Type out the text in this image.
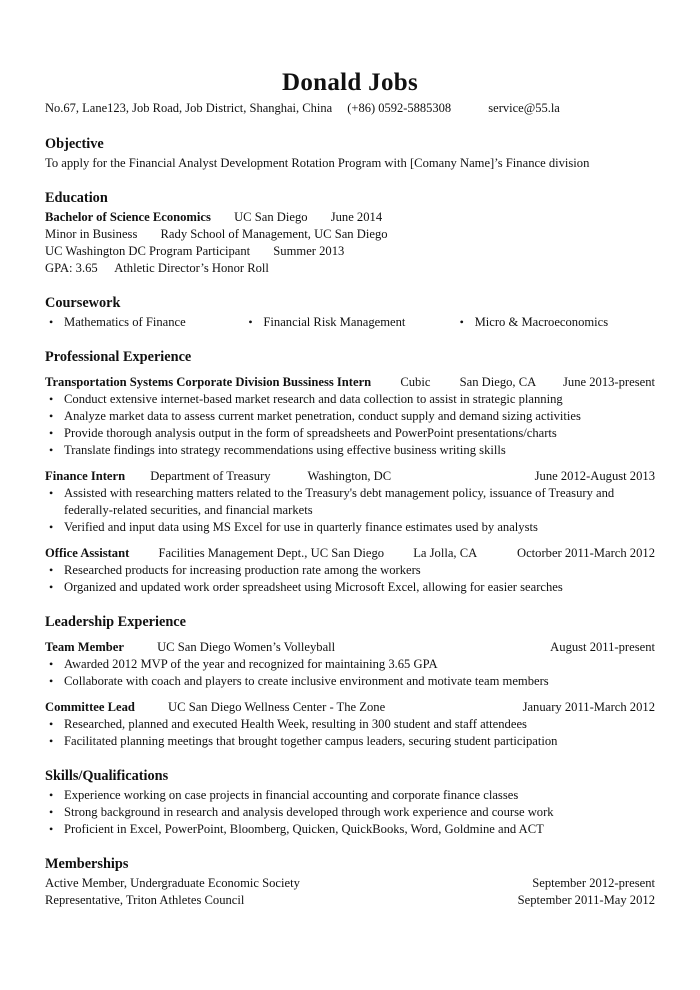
Donald Jobs
No.67, Lane123, Job Road, Job District, Shanghai, China (+86) 0592-5885308	service@55.la
Objective
To apply for the Financial Analyst Development Rotation Program with [Comany Name]’s Finance division
Education
Bachelor of Science Economics UC San Diego June 2014
Minor in Business Rady School of Management, UC San Diego
UC Washington DC Program Participant Summer 2013
GPA: 3.65 Athletic Director’s Honor Roll
Coursework
• Mathematics of Finance	• Financial Risk Management	• Micro & Macroeconomics
Professional Experience
Transportation Systems Corporate Division Bussiness Intern Cubic San Diego, CA	June 2013-present
• Conduct extensive internet-based market research and data collection to assist in strategic planning
• Analyze market data to assess current market penetration, conduct supply and demand sizing activities
• Provide thorough analysis output in the form of spreadsheets and PowerPoint presentations/charts
• Translate findings into strategy recommendations using effective business writing skills
Finance Intern Department of Treasury	Washington, DC	June 2012-August 2013
• Assisted with researching matters related to the Treasury's debt management policy, issuance of Treasury and federally-related securities, and financial markets
• Verified and input data using MS Excel for use in quarterly finance estimates used by analysts
Office Assistant Facilities Management Dept., UC San Diego La Jolla, CA	Octorber 2011-March 2012
• Researched products for increasing production rate among the workers
• Organized and updated work order spreadsheet using Microsoft Excel, allowing for easier searches
Leadership Experience
Team Member	UC San Diego Women’s Volleyball	August 2011-present
• Awarded 2012 MVP of the year and recognized for maintaining 3.65 GPA
• Collaborate with coach and players to create inclusive environment and motivate team members
Committee Lead	UC San Diego Wellness Center - The Zone	January 2011-March 2012
• Researched, planned and executed Health Week, resulting in 300 student and staff attendees
• Facilitated planning meetings that brought together campus leaders, securing student participation
Skills/Qualifications
• Experience working on case projects in financial accounting and corporate finance classes
• Strong background in research and analysis developed through work experience and course work
• Proficient in Excel, PowerPoint, Bloomberg, Quicken, QuickBooks, Word, Goldmine and ACT
Memberships
Active Member, Undergraduate Economic Society	September 2012-present
Representative, Triton Athletes Council	September 2011-May 2012
